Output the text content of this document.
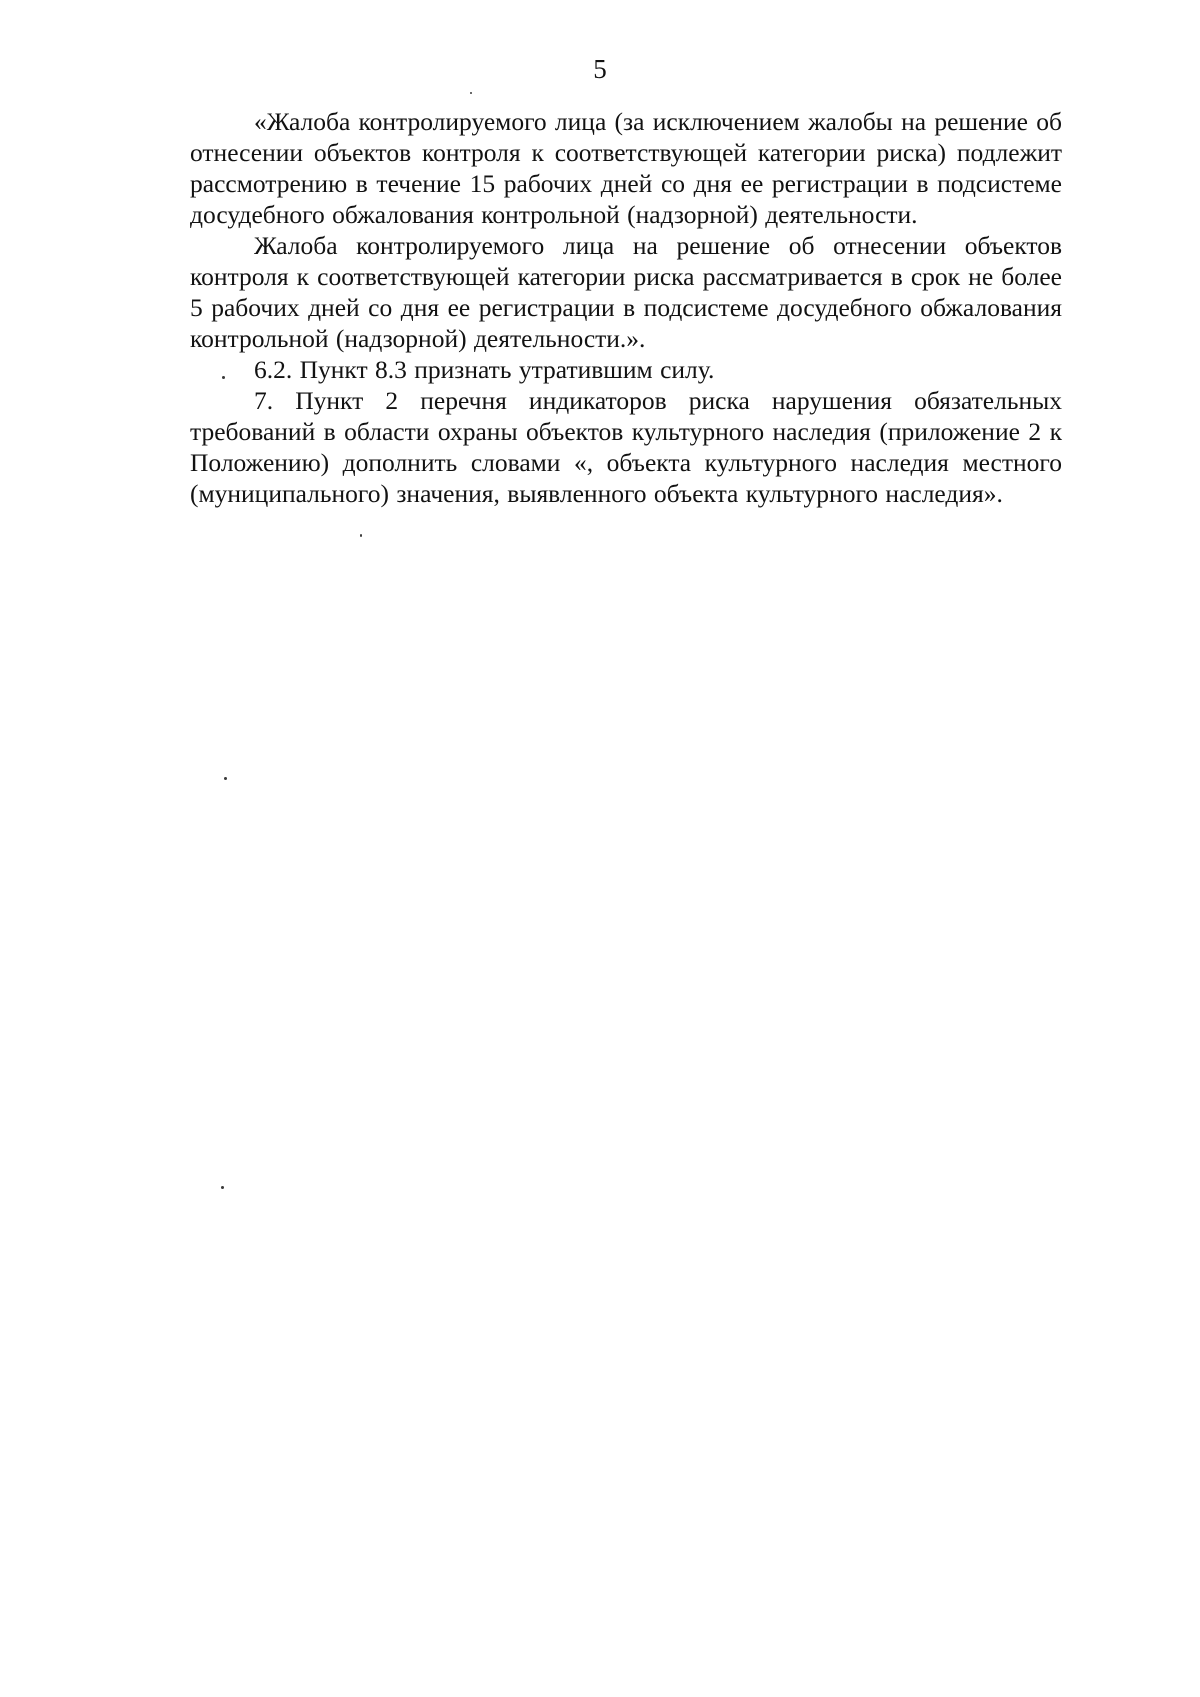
5

«Жалоба контролируемого лица (за исключением жалобы на решение об отнесении объектов контроля к соответствующей категории риска) подлежит рассмотрению в течение 15 рабочих дней со дня ее регистрации в подсистеме досудебного обжалования контрольной (надзорной) деятельности.

Жалоба контролируемого лица на решение об отнесении объектов контроля к соответствующей категории риска рассматривается в срок не более 5 рабочих дней со дня ее регистрации в подсистеме досудебного обжалования контрольной (надзорной) деятельности.».

6.2. Пункт 8.3 признать утратившим силу.

7. Пункт 2 перечня индикаторов риска нарушения обязательных требований в области охраны объектов культурного наследия (приложение 2 к Положению) дополнить словами «, объекта культурного наследия местного (муниципального) значения, выявленного объекта культурного наследия».
